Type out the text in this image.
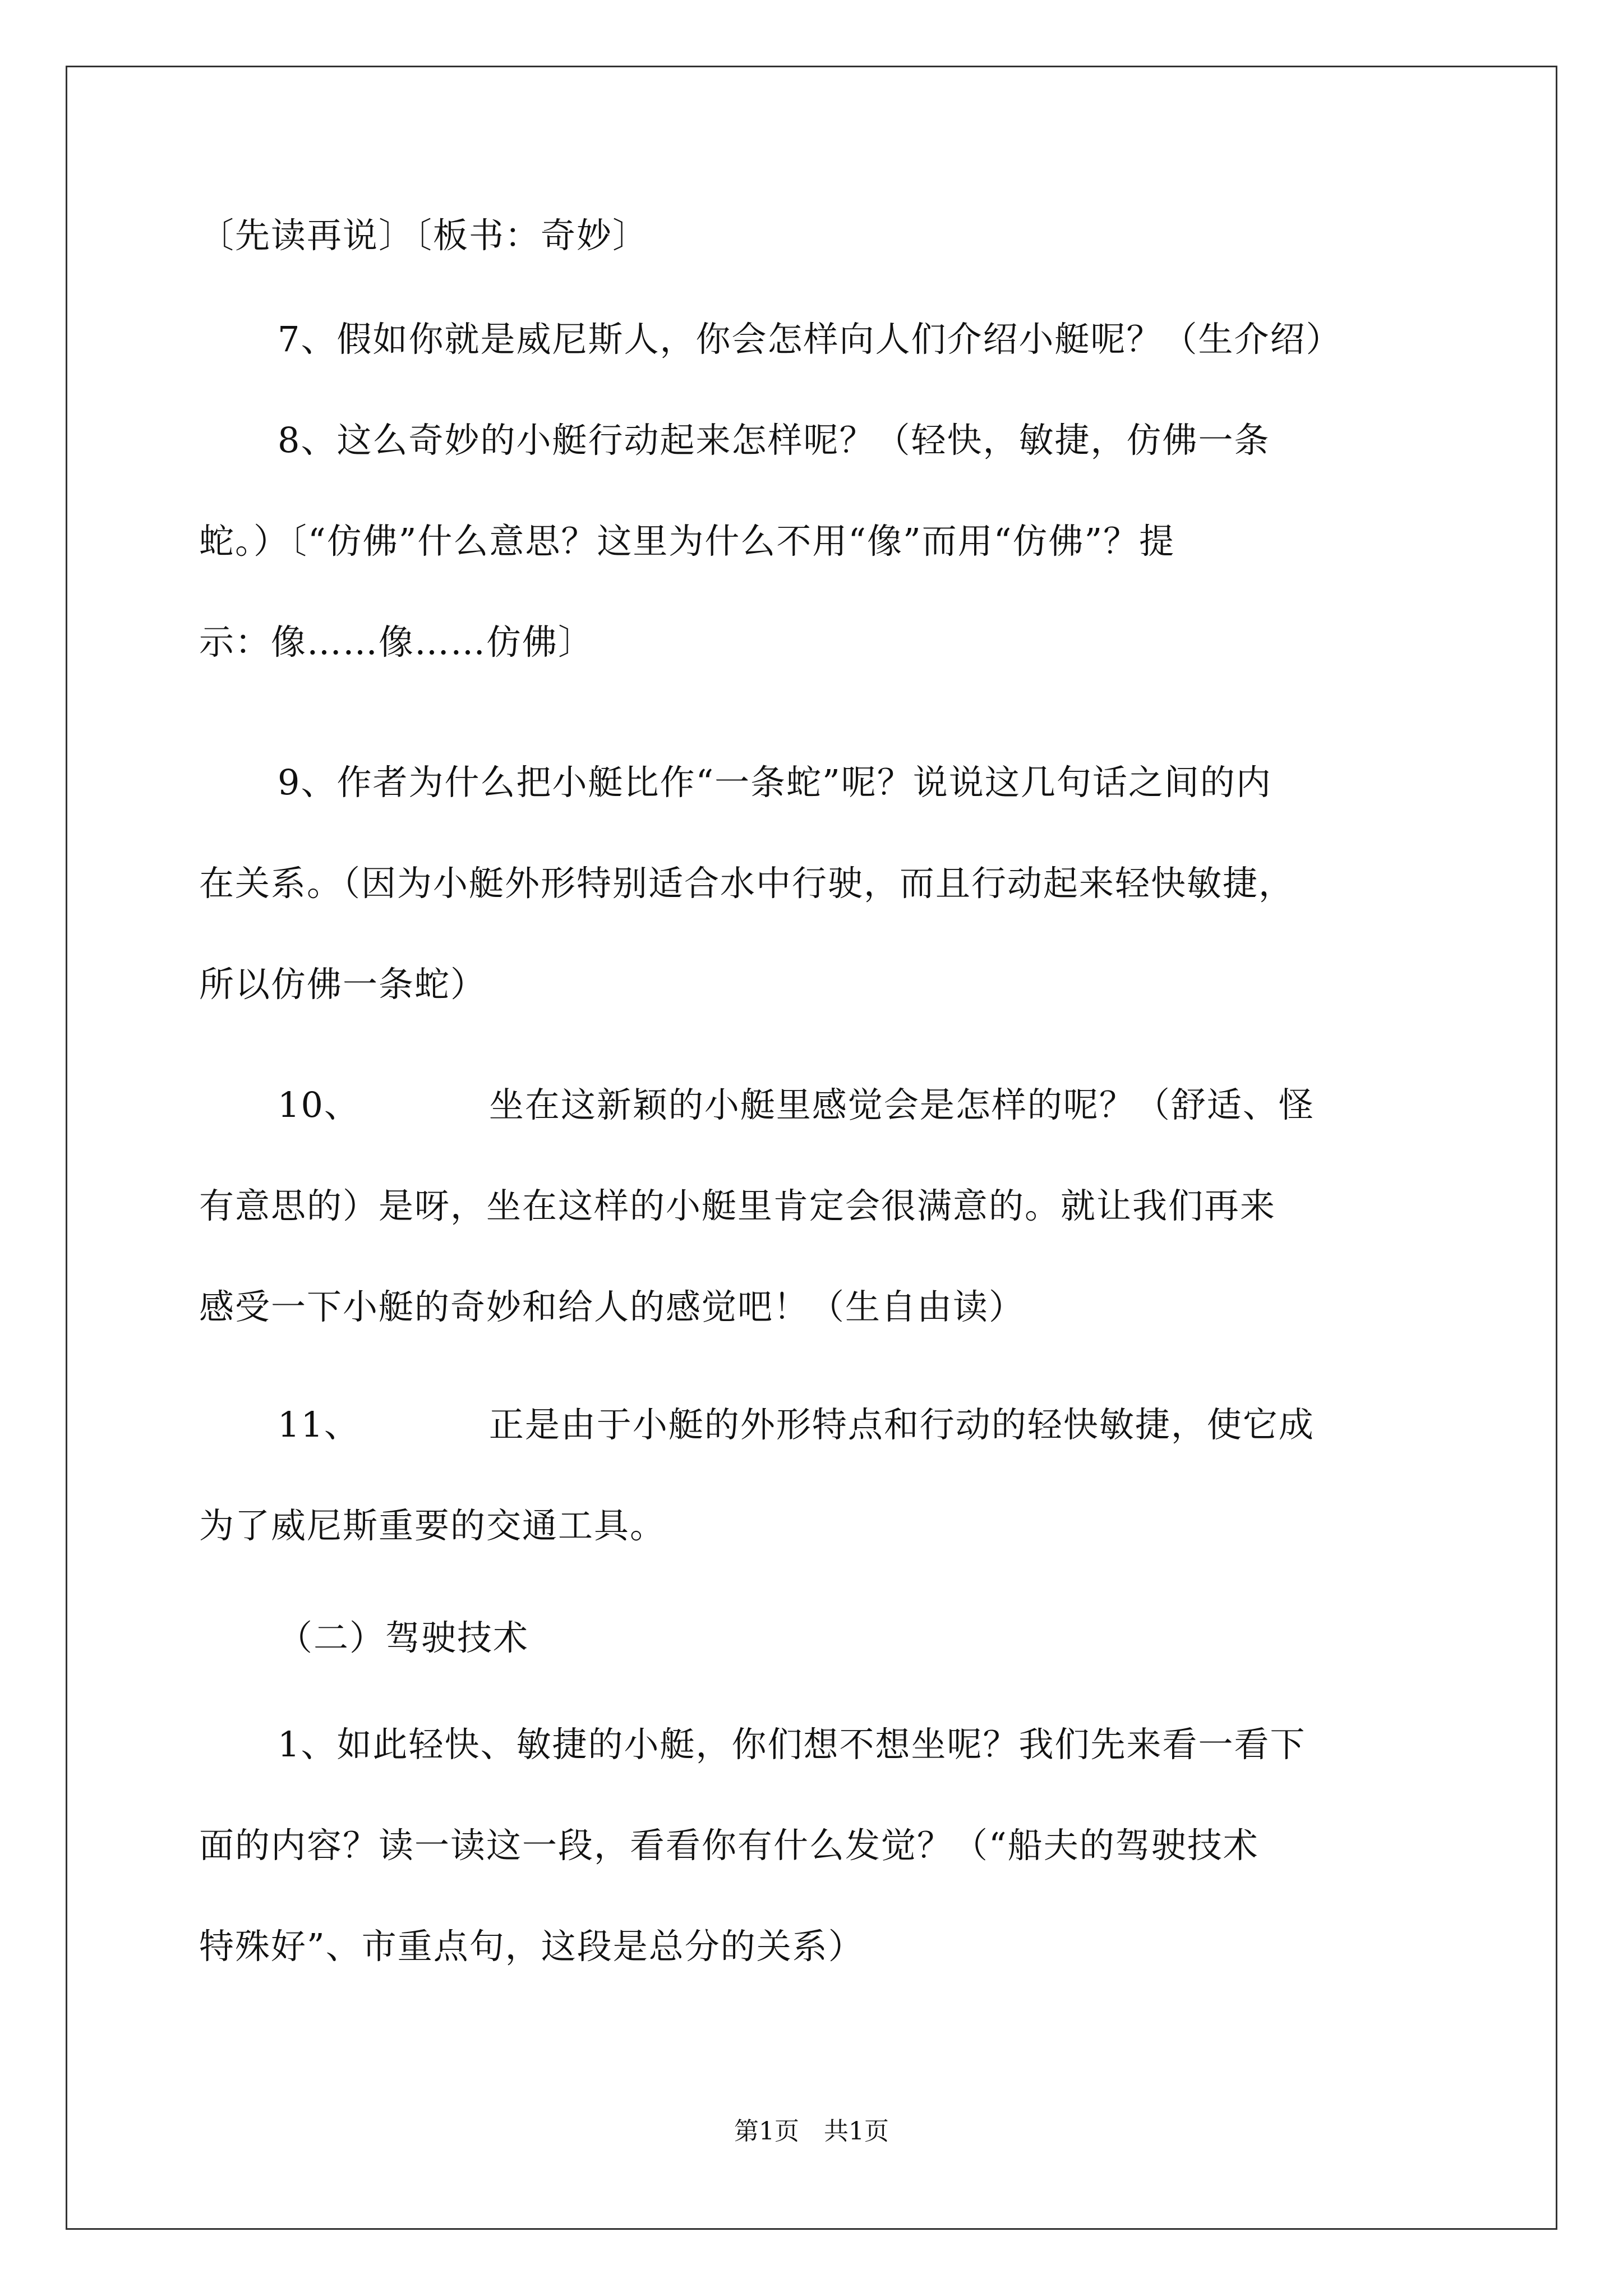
〔先读再说〕〔板书：奇妙〕
7、假如你就是威尼斯人，你会怎样向人们介绍小艇呢？（生介绍）
8、这么奇妙的小艇行动起来怎样呢？（轻快，敏捷，仿佛一条
蛇。）〔“仿佛”什么意思？这里为什么不用“像”而用“仿佛”？提
示：像……像……仿佛〕
9、作者为什么把小艇比作“一条蛇”呢？说说这几句话之间的内
在关系。（因为小艇外形特别适合水中行驶，而且行动起来轻快敏捷，
所以仿佛一条蛇）
10、	坐在这新颖的小艇里感觉会是怎样的呢？（舒适、怪
有意思的）是呀，坐在这样的小艇里肯定会很满意的。就让我们再来
感受一下小艇的奇妙和给人的感觉吧！（生自由读）
11、	正是由于小艇的外形特点和行动的轻快敏捷，使它成
为了威尼斯重要的交通工具。
（二）驾驶技术
1、如此轻快、敏捷的小艇，你们想不想坐呢？我们先来看一看下
面的内容？读一读这一段，看看你有什么发觉？（“船夫的驾驶技术
特殊好”、市重点句，这段是总分的关系）
第1页　共1页
